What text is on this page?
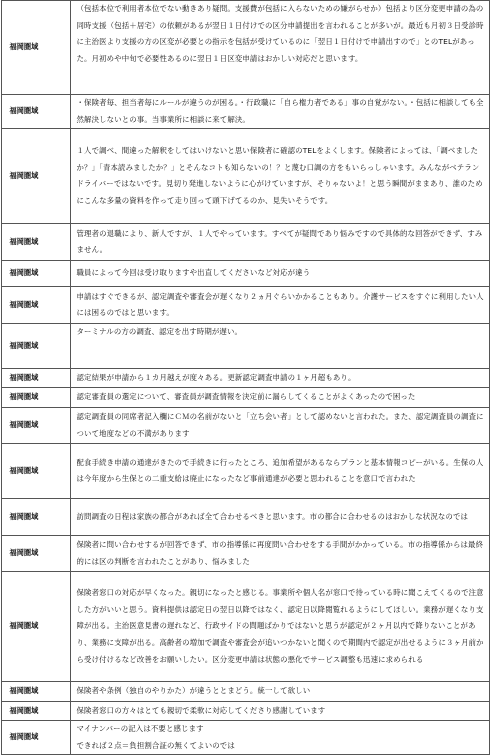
福岡圏域	（包括本位で利用者本位でない動きあり疑問。支援費が包括に入らないための嫌がらせか）包括より区分変更申請の為の同時支援（包括＋居宅）の依頼があるが翌日１日付けでの区分申請提出を言われることが多いが。最近も月初３日受診時に主治医より支援の方の区変が必要との指示を包括が受けているのに「翌日１日付けで申請出すので」とのTELがあった。月初めや中旬で必要性あるのに翌日１日区変申請はおかしい対応だと思います。
福岡圏域	・保険者毎、担当者毎にルールが違うのが困る。・行政職に「自ら権力者である」事の自覚がない。・包括に相談しても全然解決しないとの事。当事業所に相談に来て解決。
福岡圏域	１人で調べ、間違った解釈をしてはいけないと思い保険者に確認のTELをよくします。保険者によっては、「調べましたか？」「青本読みましたか？」とそんなコトも知らないの！？と蔑む口調の方をもいらっしゃいます。みんながベテランドライバーではないです。見切り発進しないように心がけていますが、そりゃないよ！と思う瞬間がままあり、誰のためにこんな多量の資料を作って走り回って頭下げてるのか、見失いそうです。
福岡圏域	管理者の退職により、新人ですが、１人でやっています。すべてが疑問であり悩みですので具体的な回答ができず、すみません。
福岡圏域	職員によって今回は受け取りますや出直してくださいなど対応が違う
福岡圏域	申請はすぐできるが、認定調査や審査会が遅くなり２ヵ月ぐらいかかることもあり。介護サービスをすぐに利用したい人には困るのではと思います。
福岡圏域	ターミナルの方の調査、認定を出す時期が遅い。
福岡圏域	認定結果が申請から１カ月越えが度々ある。更新認定調査申請の１ヶ月超もあり。
福岡圏域	認定審査員の選定について、審査員が調査情報を決定前に漏らしてくることがよくあったので困った
福岡圏域	認定調査員の同席者記入欄にＣＭの名前がないと「立ち会い者」として認めないと言われた。また、認定調査員の調査について地度などの不満があります
福岡圏域	配食手続き申請の通達がきたので手続きに行ったところ、追加希望があるならプランと基本情報コピーがいる。生保の人は今年度から生保との二重支給は廃止になったなど事前通達が必要と思われることを意口で言われた
福岡圏域	訪問調査の日程は家族の都合があれば全て合わせるべきと思います。市の都合に合わせるのはおかしな状況なのでは
福岡圏域	保険者に問い合わせするが回答できず、市の指導係に再度問い合わせをする手間がかかっている。市の指導係からは最終的には区の判断を言われたことがあり、悩みました
福岡圏域	保険者窓口の対応が早くなった。親切になったと感じる。事業所や個人名が窓口で待っている時に聞こえてくるので注意した方がいいと思う。資料提供は認定日の翌日以降ではなく、認定日以降閲覧れるようにしてほしい。業務が遅くなり支障が出る。主治医意見書の遅れなど、行政サイドの問題ばかりではないと思うが認定が２ヶ月以内で降りないことがあり、業務に支障が出る。高齢者の増加で調査や審査会が追いつかないと聞くので期間内で認定が出せるように３ヶ月前から受け付けるなど改善をお願いしたい。区分変更申請は状態の悪化でサービス調整も迅速に求められる
福岡圏域	保険者や条例（独自のやりかた）が違うととまどう。統一して欲しい
福岡圏域	保険者窓口の方々はとても親切で柔軟に対応してくださり感謝しています
福岡圏域	マイナンバーの記入は不要と感じます
できれば２点＝負担割合証の無くてよいのでは
